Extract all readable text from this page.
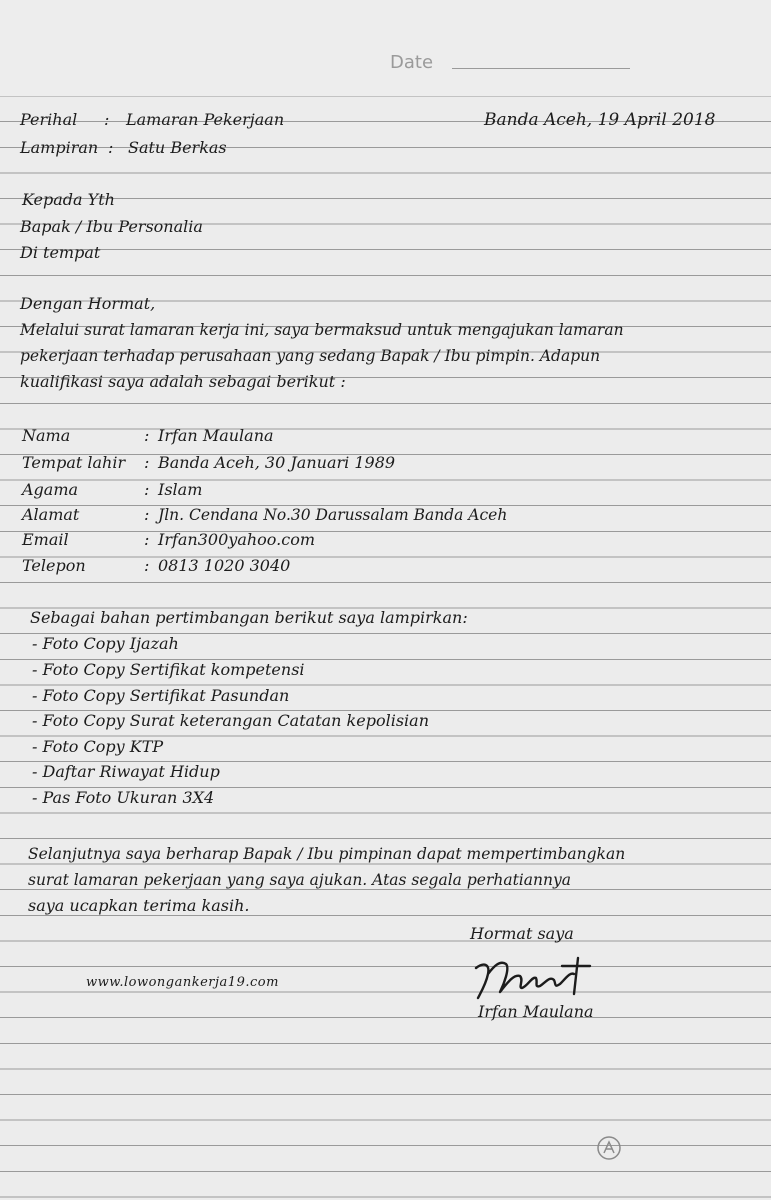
Date
Perihal : Lamaran Pekerjaan	Banda Aceh, 19 April 2018
Lampiran : Satu Berkas
Kepada Yth
Bapak / Ibu Personalia
Di tempat
Dengan Hormat,
Melalui surat lamaran kerja ini, saya bermaksud untuk mengajukan lamaran
pekerjaan terhadap perusahaan yang sedang Bapak / Ibu pimpin. Adapun
kualifikasi saya adalah sebagai berikut :
Nama	: Irfan Maulana
Tempat lahir : Banda Aceh, 30 Januari 1989
Agama	: Islam
Alamat	: Jln. Cendana No.30 Darussalam Banda Aceh
Email	: Irfan300yahoo.com
Telepon	: 0813 1020 3040
Sebagai bahan pertimbangan berikut saya lampirkan:
- Foto Copy Ijazah
- Foto Copy Sertifikat kompetensi
- Foto Copy Sertifikat Pasundan
- Foto Copy Surat keterangan Catatan kepolisian
- Foto Copy KTP
- Daftar Riwayat Hidup
- Pas Foto Ukuran 3X4
Selanjutnya saya berharap Bapak / Ibu pimpinan dapat mempertimbangkan
surat lamaran pekerjaan yang saya ajukan. Atas segala perhatiannya
saya ucapkan terima kasih.
Hormat saya
www.lowongankerja19.com
Irfan Maulana
